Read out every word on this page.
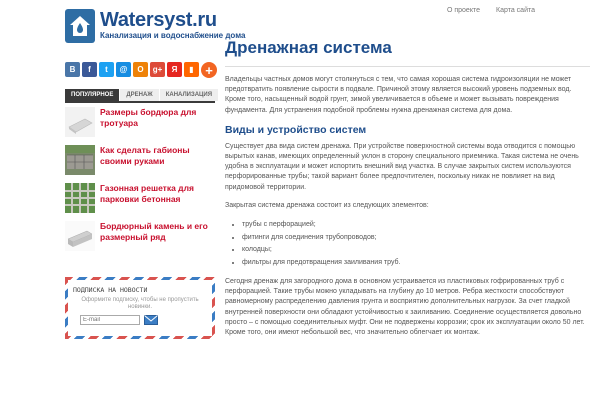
Watersyst.ru
Канализация и водоснабжение дома
О проекте Карта сайта
В	f	t	@	О	g+	Я	▮ +
ПОПУЛЯРНОЕ	ДРЕНАЖ	КАНАЛИЗАЦИЯ
Размеры бордюра для тротуара
Как сделать габионы своими руками
Газонная решетка для парковки бетонная
Бордюрный камень и его размерный ряд
ПОДПИСКА НА НОВОСТИ
Оформите подписку, чтобы не пропустить новинки.
E-mail
Дренажная система

Владельцы частных домов могут столкнуться с тем, что самая хорошая система гидроизоляции не может предотвратить появление сырости в подвале. Причиной этому является высокий уровень подземных вод. Кроме того, насыщенный водой грунт, зимой увеличивается в объеме и может вызывать повреждения фундамента. Для устранения подобной проблемы нужна дренажная система для дома.

Виды и устройство систем

Существует два вида систем дренажа. При устройстве поверхностной системы вода отводится с помощью вырытых канав, имеющих определенный уклон в сторону специального приемника. Такая система не очень удобна в эксплуатации и может испортить внешний вид участка. В случае закрытых систем используются перфорированные трубы; такой вариант более предпочтителен, поскольку никак не повлияет на вид придомовой территории.

Закрытая система дренажа состоит из следующих элементов:

• трубы с перфорацией;
• фитинги для соединения трубопроводов;
• колодцы;
• фильтры для предотвращения заиливания труб.

Сегодня дренаж для загородного дома в основном устраивается из пластиковых гофрированных труб с перфорацией. Такие трубы можно укладывать на глубину до 10 метров. Ребра жесткости способствуют равномерному распределению давления грунта и восприятию дополнительных нагрузок. За счет гладкой внутренней поверхности они обладают устойчивостью к заиливанию. Соединение осуществляется довольно просто – с помощью соединительных муфт. Они не подвержены коррозии; срок их эксплуатации около 50 лет. Кроме того, они имеют небольшой вес, что значительно облегчает их монтаж.
